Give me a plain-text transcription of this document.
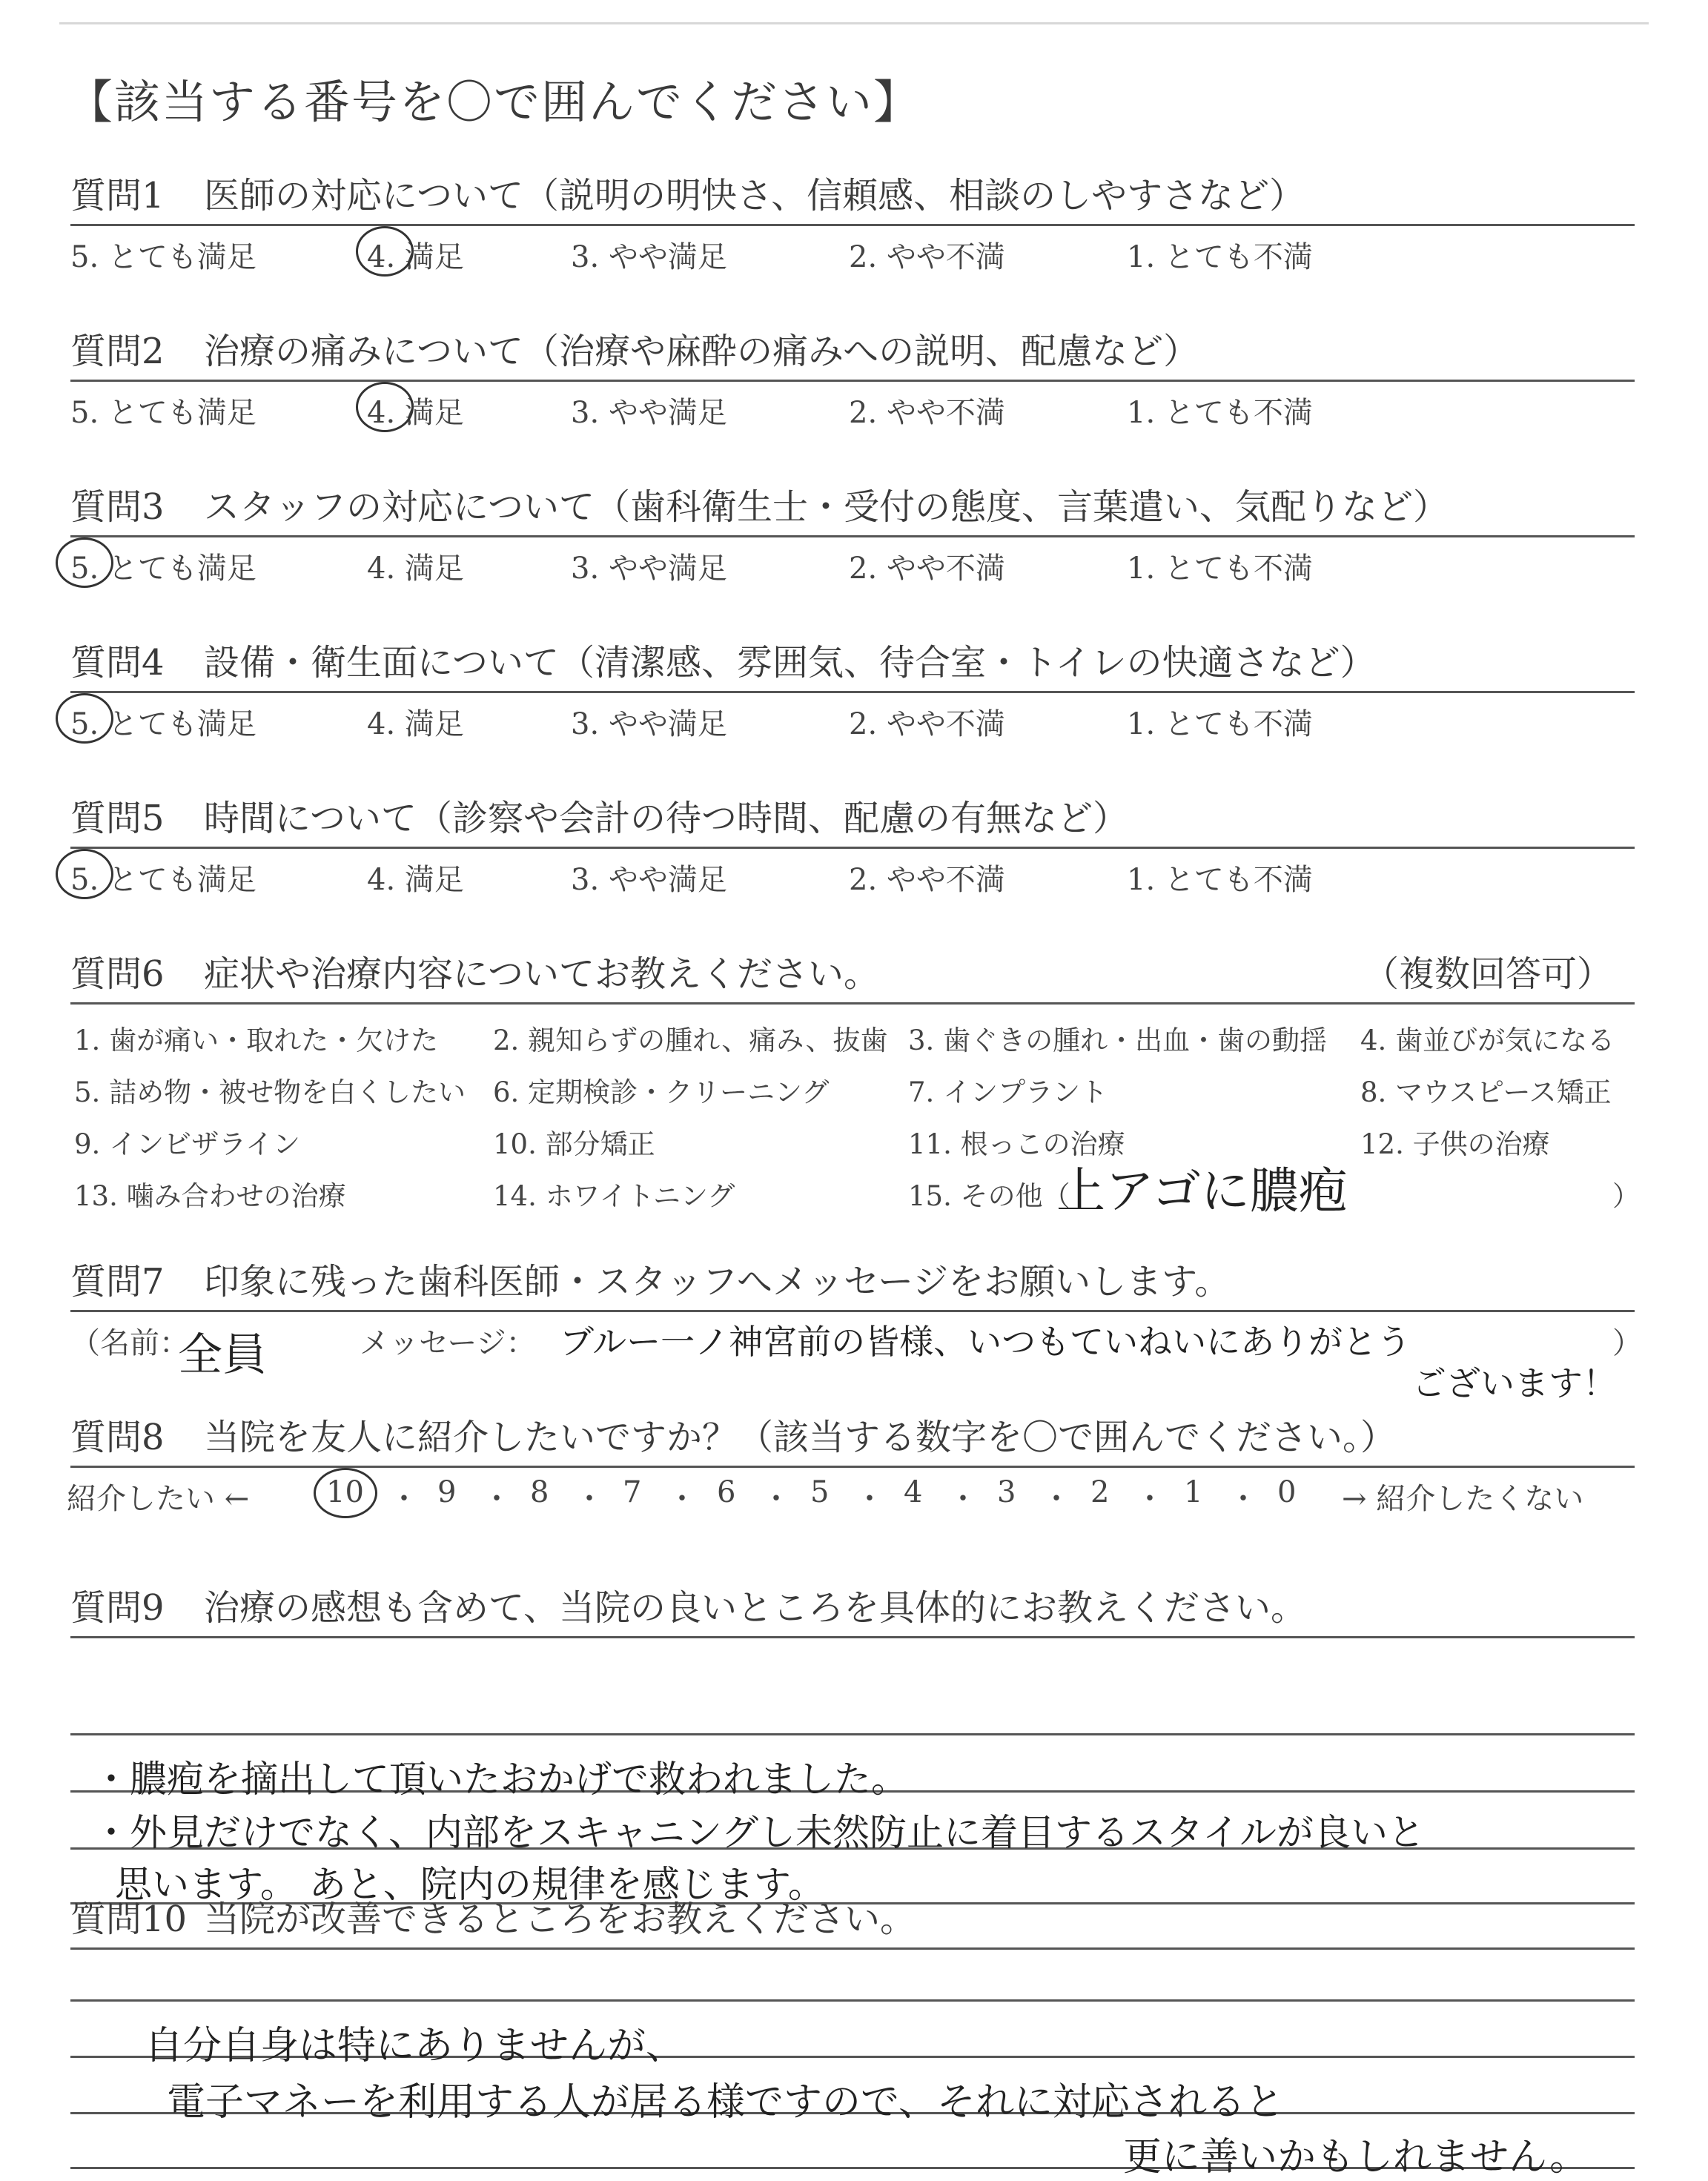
【該当する番号を〇で囲んでください】
質問1 医師の対応について（説明の明快さ、信頼感、相談のしやすさなど）
5. とても満足	4. 満足	3. やや満足	2. やや不満	1. とても不満
質問2 治療の痛みについて（治療や麻酔の痛みへの説明、配慮など）
5. とても満足	4. 満足	3. やや満足	2. やや不満	1. とても不満
質問3 スタッフの対応について（歯科衛生士・受付の態度、言葉遣い、気配りなど）
5. とても満足	4. 満足	3. やや満足	2. やや不満	1. とても不満
質問4 設備・衛生面について（清潔感、雰囲気、待合室・トイレの快適さなど）
5. とても満足	4. 満足	3. やや満足	2. やや不満	1. とても不満
質問5 時間について（診察や会計の待つ時間、配慮の有無など）
5. とても満足	4. 満足	3. やや満足	2. やや不満	1. とても不満
質問6 症状や治療内容についてお教えください。	（複数回答可）
1. 歯が痛い・取れた・欠けた 2. 親知らずの腫れ、痛み、抜歯 3. 歯ぐきの腫れ・出血・歯の動揺 4. 歯並びが気になる
5. 詰め物・被せ物を白くしたい 6. 定期検診・クリーニング	7. インプラント	8. マウスピース矯正
9. インビザライン	10. 部分矯正	11. 根っこの治療	12. 子供の治療
13. 噛み合わせの治療	14. ホワイトニング	15. その他（
上アゴに膿疱	）
質問7 印象に残った歯科医師・スタッフへメッセージをお願いします。
（名前：
全員	メッセージ： ブルー一ノ神宮前の皆様、いつもていねいにありがとう
ございます！
）
質問8 当院を友人に紹介したいですか？（該当する数字を〇で囲んでください。）
紹介したい ←	10 ・ 9 ・ 8 ・ 7 ・ 6 ・ 5 ・ 4 ・ 3 ・ 2 ・ 1 ・ 0 → 紹介したくない
質問9 治療の感想も含めて、当院の良いところを具体的にお教えください。
・膿疱を摘出して頂いたおかげで救われました。
・外見だけでなく、内部をスキャニングし未然防止に着目するスタイルが良いと
思います。 あと、院内の規律を感じます。
質問10 当院が改善できるところをお教えください。
自分自身は特にありませんが、
電子マネーを利用する人が居る様ですので、それに対応されると
更に善いかもしれません。
